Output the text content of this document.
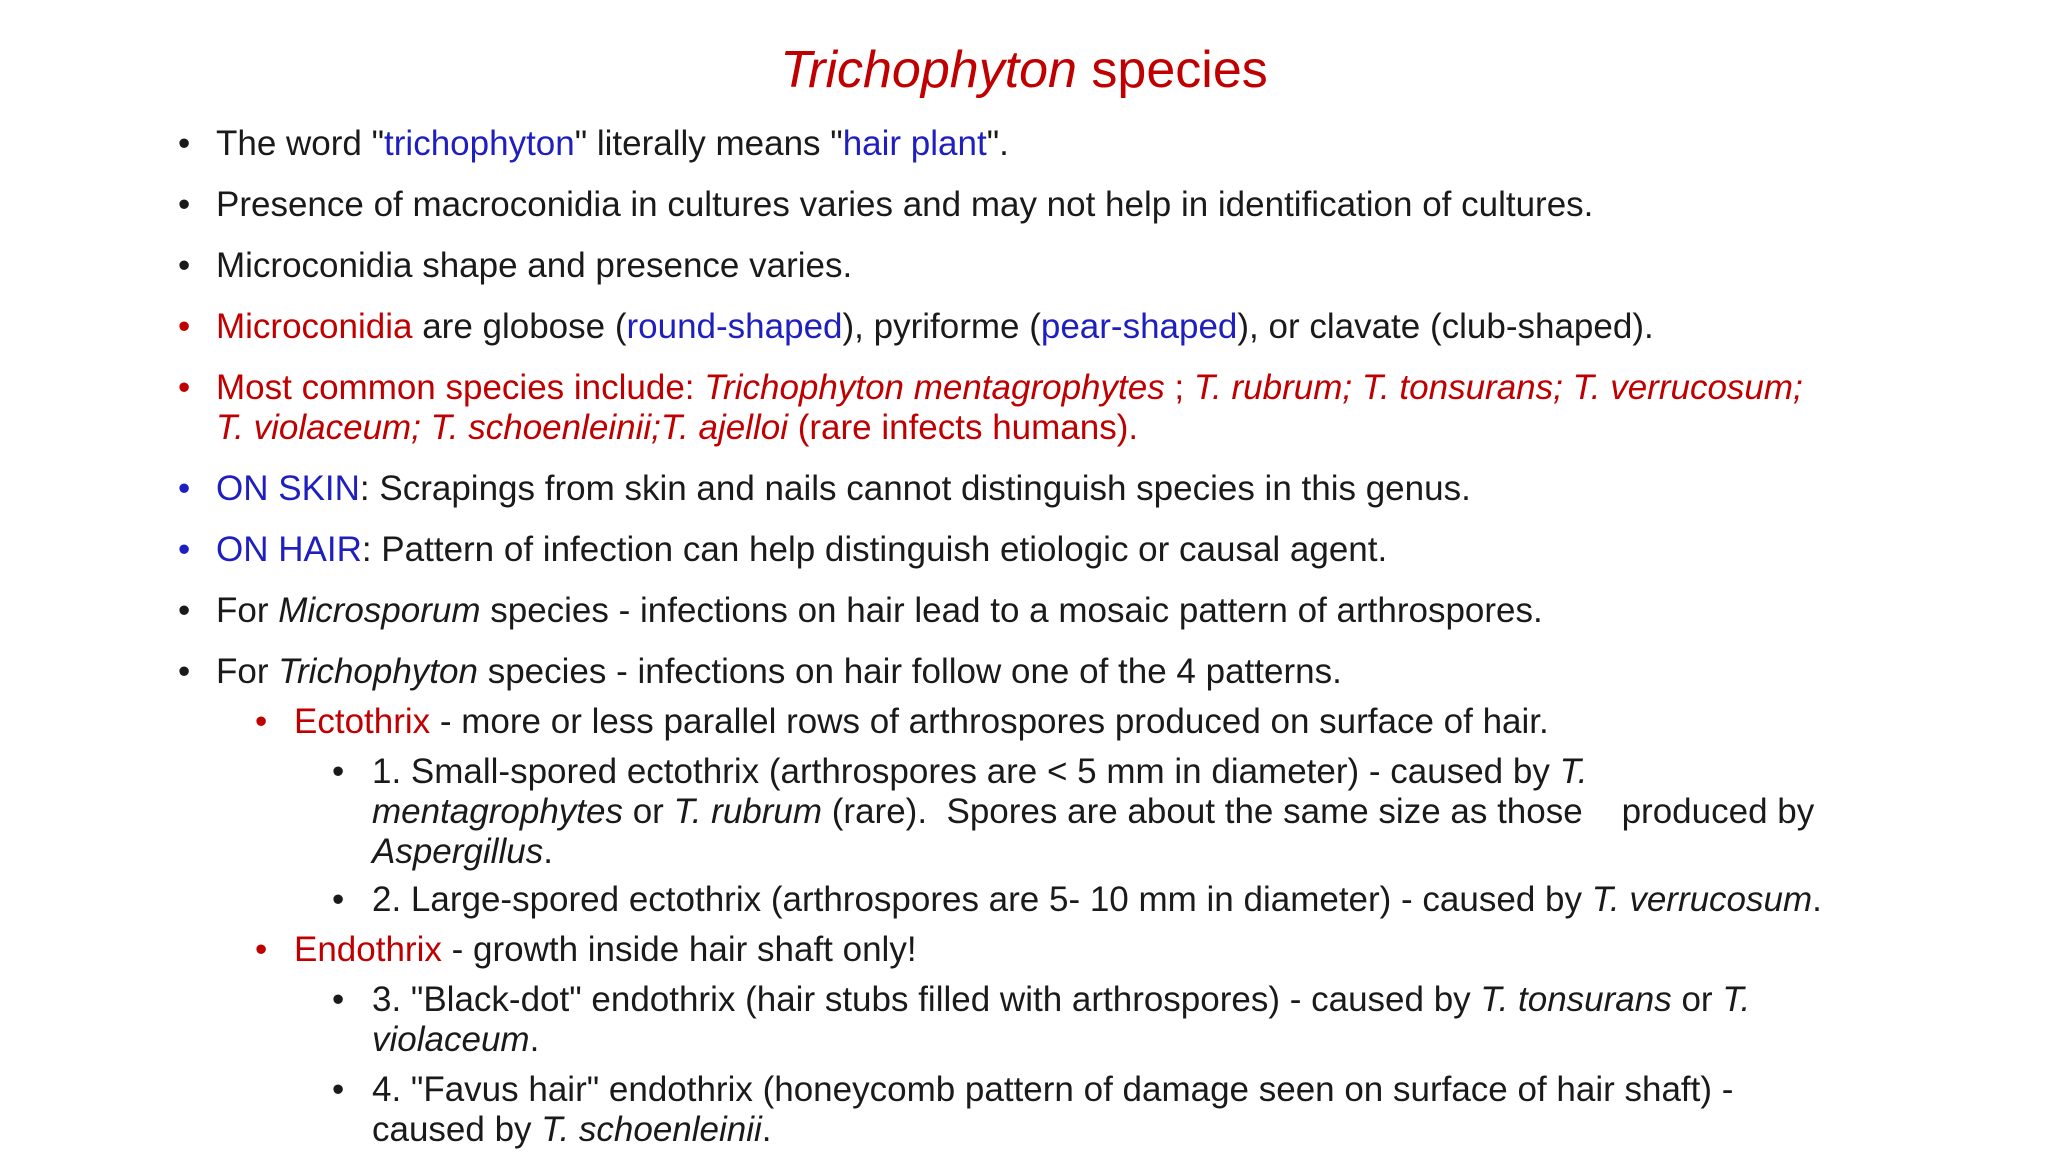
Trichophyton species
• The word "trichophyton" literally means "hair plant".
• Presence of macroconidia in cultures varies and may not help in identification of cultures.
• Microconidia shape and presence varies.
• Microconidia are globose (round-shaped), pyriforme (pear-shaped), or clavate (club-shaped).
• Most common species include: Trichophyton mentagrophytes ; T. rubrum; T. tonsurans; T. verrucosum;
T. violaceum; T. schoenleinii;T. ajelloi (rare infects humans).
• ON SKIN: Scrapings from skin and nails cannot distinguish species in this genus.
• ON HAIR: Pattern of infection can help distinguish etiologic or causal agent.
• For Microsporum species - infections on hair lead to a mosaic pattern of arthrospores.
• For Trichophyton species - infections on hair follow one of the 4 patterns.
• Ectothrix - more or less parallel rows of arthrospores produced on surface of hair.
• 1. Small-spored ectothrix (arthrospores are < 5 mm in diameter) - caused by T.
mentagrophytes or T. rubrum (rare).  Spores are about the same size as those    produced by
Aspergillus.
• 2. Large-spored ectothrix (arthrospores are 5- 10 mm in diameter) - caused by T. verrucosum.
• Endothrix - growth inside hair shaft only!
• 3. "Black-dot" endothrix (hair stubs filled with arthrospores) - caused by T. tonsurans or T.
violaceum.
• 4. "Favus hair" endothrix (honeycomb pattern of damage seen on surface of hair shaft) -
caused by T. schoenleinii.
